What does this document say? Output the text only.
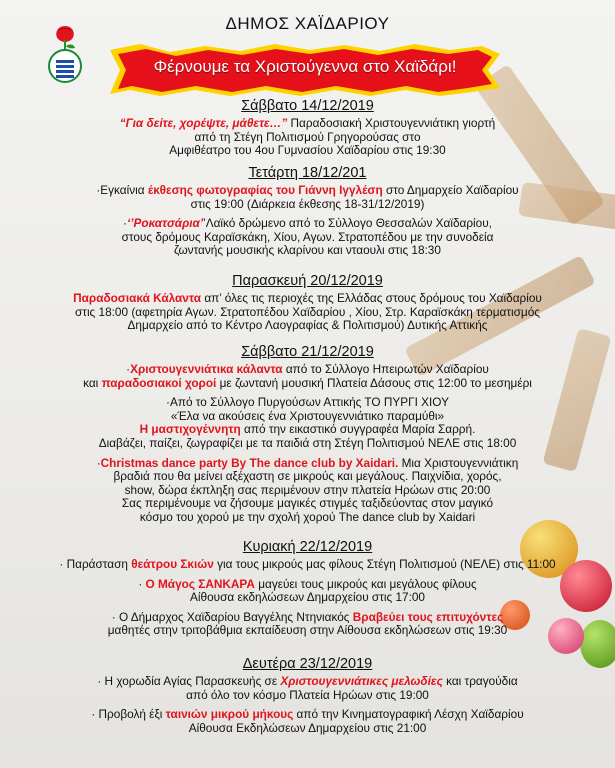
ΔΗΜΟΣ ΧΑΪΔΑΡΙΟΥ
Φέρνουμε τα Χριστούγεννα στο Χαϊδάρι!
Σάββατο 14/12/2019
“Για δείτε, χορέψτε, μάθετε…” Παραδοσιακή Χριστουγεννιάτικη γιορτή
από τη Στέγη Πολιτισμού Γρηγορούσας στο
Αμφιθέατρο του 4ου Γυμνασίου Χαϊδαρίου στις 19:30
Τετάρτη 18/12/201
·Εγκαίνια έκθεσης φωτογραφίας του Γιάννη Ιγγλέση στο Δημαρχείο Χαϊδαρίου
στις 19:00 (Διάρκεια έκθεσης 18-31/12/2019)
·‘’Ροκατσάρια’’Λαϊκό δρώμενο από το Σύλλογο Θεσσαλών Χαϊδαρίου,
στους δρόμους Καραϊσκάκη, Χίου, Αγων. Στρατοπέδου με την συνοδεία
ζωντανής μουσικής κλαρίνου και νταουλι στις 18:30
Παρασκευή 20/12/2019
Παραδοσιακά Κάλαντα απ’ όλες τις περιοχές της Ελλάδας στους δρόμους του Χαϊδαρίου
στις 18:00 (αφετηρία Αγων. Στρατοπέδου Χαϊδαρίου , Χίου, Στρ. Καραϊσκάκη τερματισμός
Δημαρχείο από το Κέντρο Λαογραφίας & Πολιτισμού) Δυτικής Αττικής
Σάββατο 21/12/2019
·Χριστουγεννιάτικα κάλαντα από το Σύλλογο Ηπειρωτών Χαϊδαρίου
και παραδοσιακοί χοροί με ζωντανή μουσική Πλατεία Δάσους στις 12:00 το μεσημέρι
·Από το Σύλλογο Πυργούσων Αττικής ΤΟ ΠΥΡΓΙ ΧΙΟΥ
«Έλα να ακούσεις ένα Χριστουγεννιάτικο παραμύθι»
Η μαστιχογέννητη από την εικαστικό συγγραφέα Μαρία Σαρρή.
Διαβάζει, παίζει, ζωγραφίζει με τα παιδιά στη Στέγη Πολιτισμού ΝΕΛΕ στις 18:00
·Christmas dance party By The dance club by Xaidari. Μια Χριστουγεννιάτικη
βραδιά που θα μείνει αξέχαστη σε μικρούς και μεγάλους. Παιχνίδια, χορός,
show, δώρα έκπληξη σας περιμένουν στην πλατεία Ηρώων στις 20:00
Σας περιμένουμε να ζήσουμε μαγικές στιγμές ταξιδεύοντας στον μαγικό
κόσμο του χορού με την σχολή χορού The dance club by Xaidari
Κυριακή 22/12/2019
· Παράσταση θεάτρου Σκιών για τους μικρούς μας φίλους Στέγη Πολιτισμού (ΝΕΛΕ) στις 11:00
· Ο Μάγος ΣΑΝΚΑΡΑ μαγεύει τους μικρούς και μεγάλους φίλους
Αίθουσα εκδηλώσεων Δημαρχείου στις 17:00
· Ο Δήμαρχος Χαϊδαρίου Βαγγέλης Ντηνιακός Βραβεύει τους επιτυχόντες
μαθητές στην τριτοβάθμια εκπαίδευση στην Αίθουσα εκδηλώσεων στις 19:30
Δευτέρα 23/12/2019
· Η χορωδία Αγίας Παρασκευής σε Χριστουγεννιάτικες μελωδίες και τραγούδια
από όλο τον κόσμο Πλατεία Ηρώων στις 19:00
· Προβολή έξι ταινιών μικρού μήκους από την Κινηματογραφική Λέσχη Χαϊδαρίου
Αίθουσα Εκδηλώσεων Δημαρχείου στις 21:00
